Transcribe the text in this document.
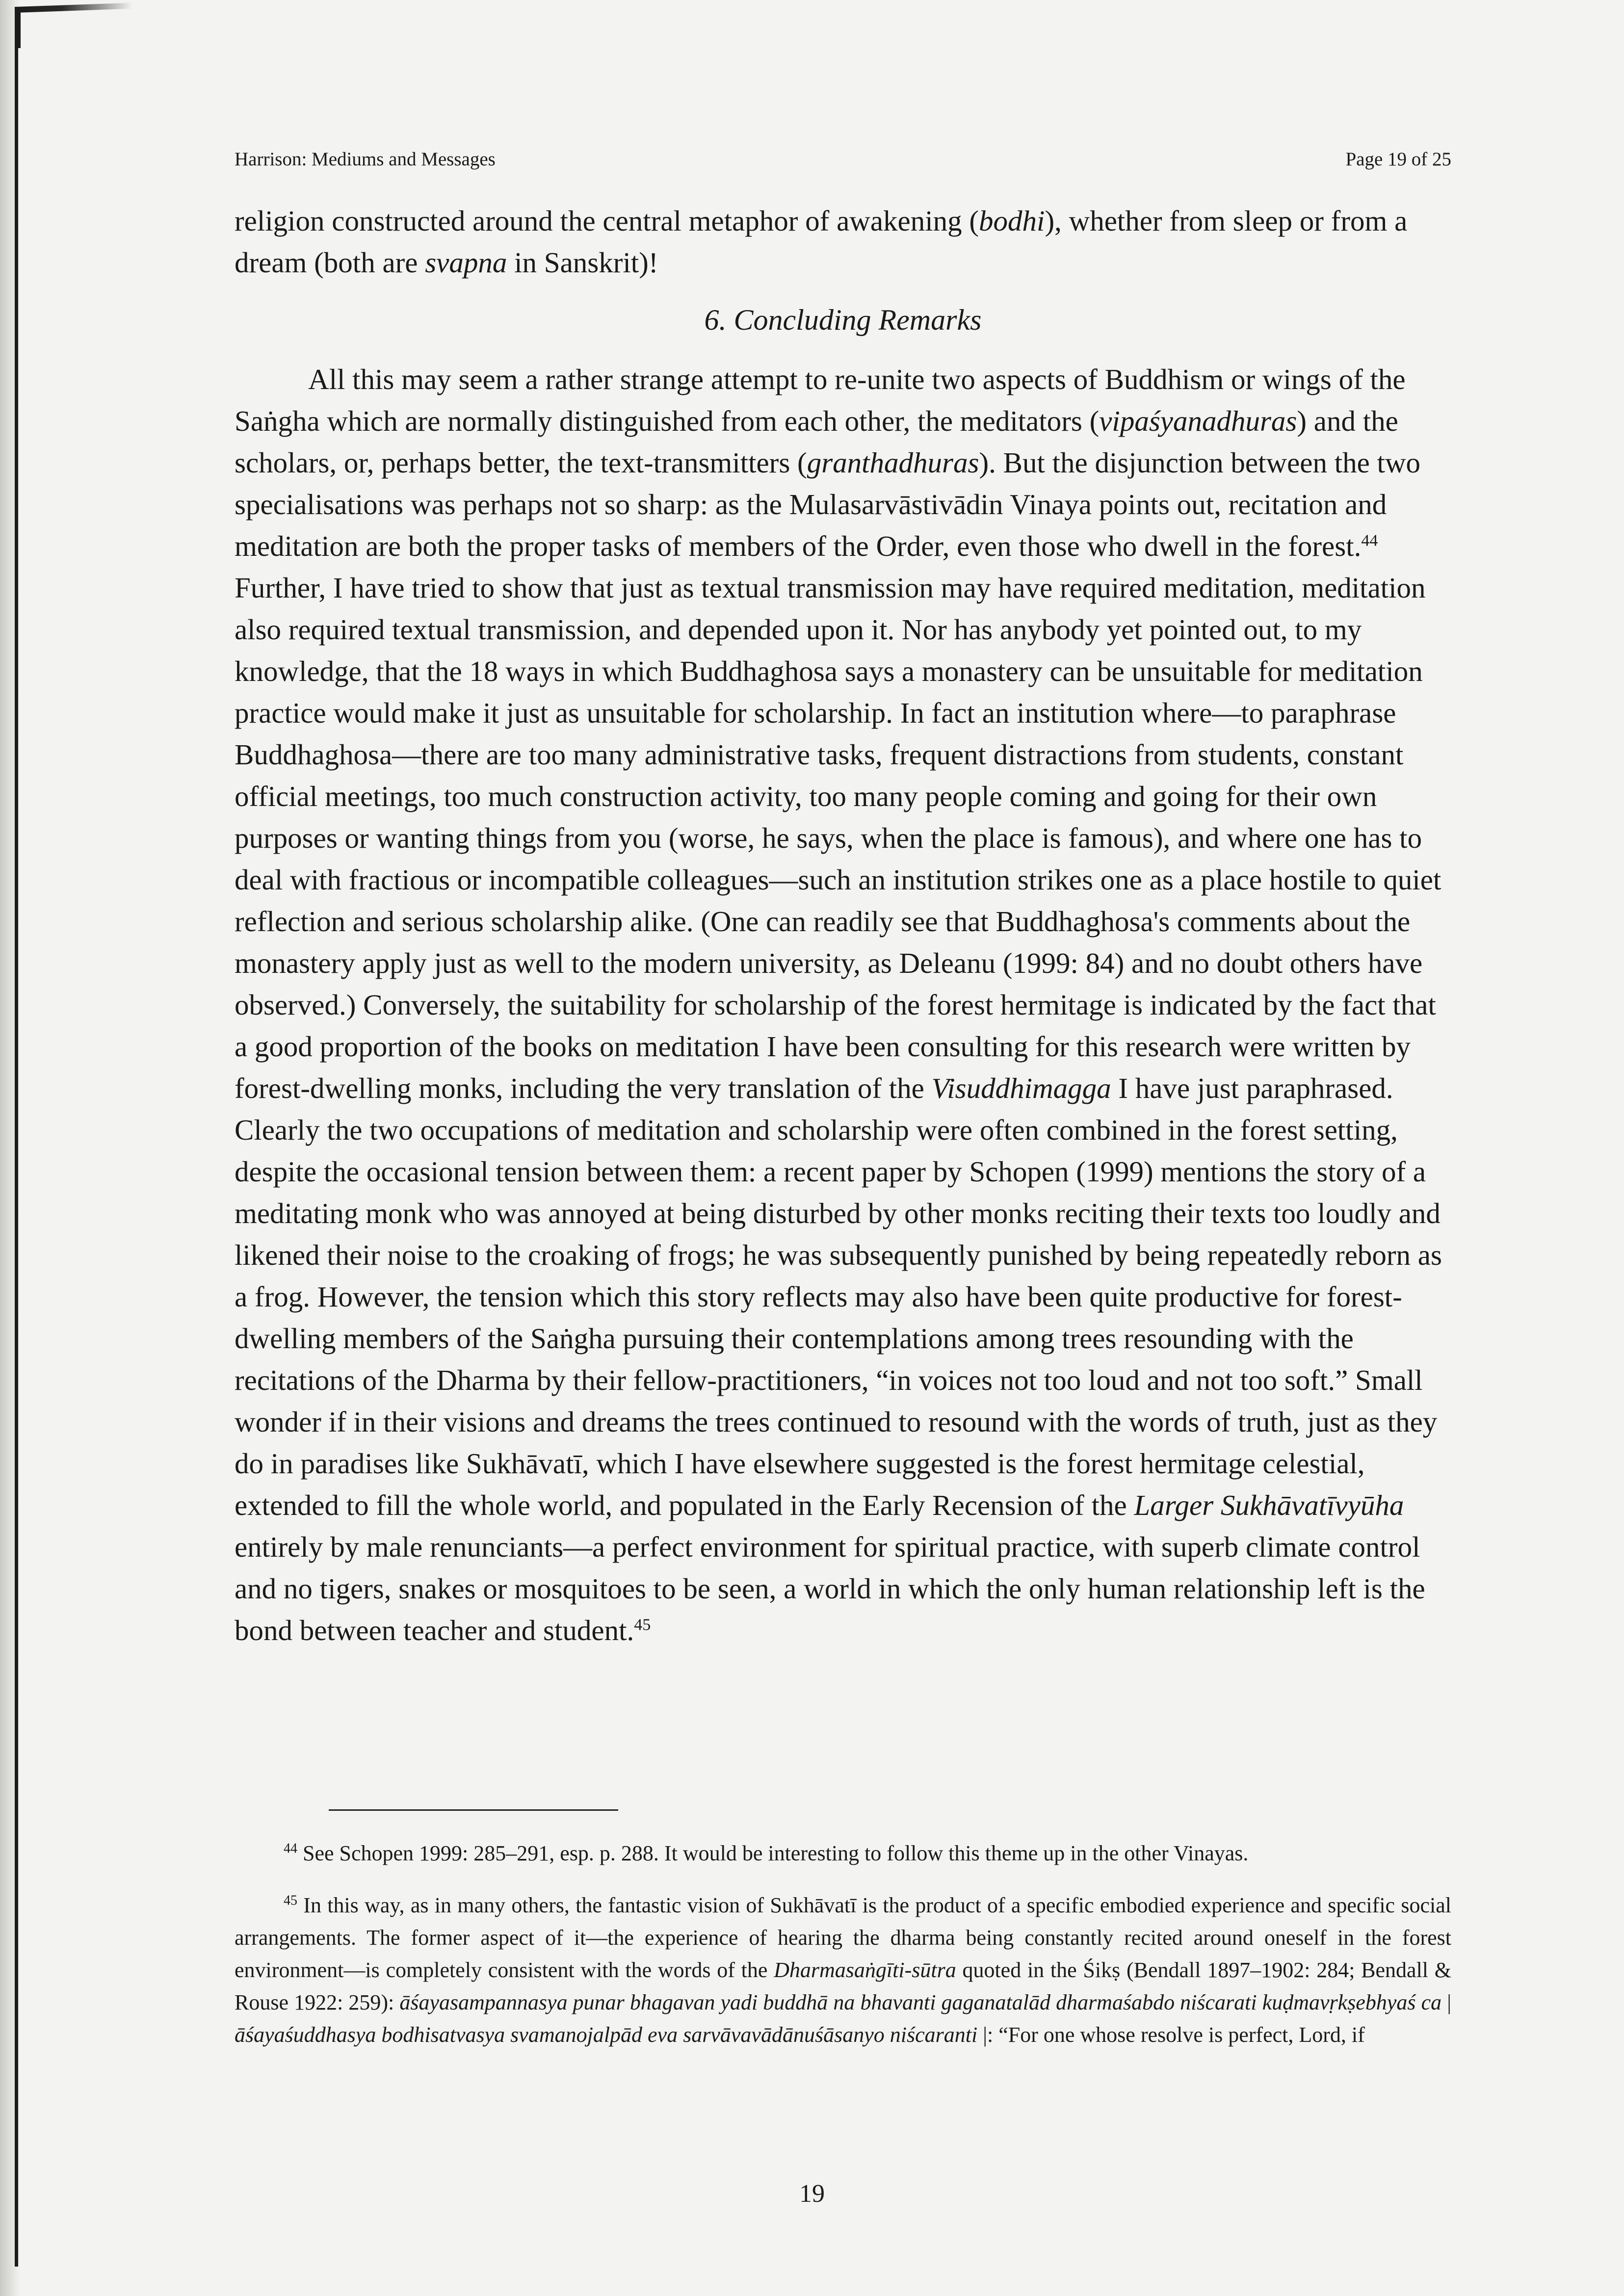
Harrison: Mediums and Messages	Page 19 of 25

religion constructed around the central metaphor of awakening (bodhi), whether from sleep or from a dream (both are svapna in Sanskrit)!

6. Concluding Remarks

All this may seem a rather strange attempt to re-unite two aspects of Buddhism or wings of the Saṅgha which are normally distinguished from each other, the meditators (vipaśyanadhuras) and the scholars, or, perhaps better, the text-transmitters (granthadhuras). But the disjunction between the two specialisations was perhaps not so sharp: as the Mulasarvāstivādin Vinaya points out, recitation and meditation are both the proper tasks of members of the Order, even those who dwell in the forest.$^{44}$ Further, I have tried to show that just as textual transmission may have required meditation, meditation also required textual transmission, and depended upon it. Nor has anybody yet pointed out, to my knowledge, that the 18 ways in which Buddhaghosa says a monastery can be unsuitable for meditation practice would make it just as unsuitable for scholarship. In fact an institution where—to paraphrase Buddhaghosa—there are too many administrative tasks, frequent distractions from students, constant official meetings, too much construction activity, too many people coming and going for their own purposes or wanting things from you (worse, he says, when the place is famous), and where one has to deal with fractious or incompatible colleagues—such an institution strikes one as a place hostile to quiet reflection and serious scholarship alike. (One can readily see that Buddhaghosa's comments about the monastery apply just as well to the modern university, as Deleanu (1999: 84) and no doubt others have observed.) Conversely, the suitability for scholarship of the forest hermitage is indicated by the fact that a good proportion of the books on meditation I have been consulting for this research were written by forest-dwelling monks, including the very translation of the Visuddhimagga I have just paraphrased. Clearly the two occupations of meditation and scholarship were often combined in the forest setting, despite the occasional tension between them: a recent paper by Schopen (1999) mentions the story of a meditating monk who was annoyed at being disturbed by other monks reciting their texts too loudly and likened their noise to the croaking of frogs; he was subsequently punished by being repeatedly reborn as a frog. However, the tension which this story reflects may also have been quite productive for forest-dwelling members of the Saṅgha pursuing their contemplations among trees resounding with the recitations of the Dharma by their fellow-practitioners, “in voices not too loud and not too soft.” Small wonder if in their visions and dreams the trees continued to resound with the words of truth, just as they do in paradises like Sukhāvatī, which I have elsewhere suggested is the forest hermitage celestial, extended to fill the whole world, and populated in the Early Recension of the Larger Sukhāvatīvyūha entirely by male renunciants—a perfect environment for spiritual practice, with superb climate control and no tigers, snakes or mosquitoes to be seen, a world in which the only human relationship left is the bond between teacher and student.$^{45}$

$^{44}$ See Schopen 1999: 285–291, esp. p. 288. It would be interesting to follow this theme up in the other Vinayas.

$^{45}$ In this way, as in many others, the fantastic vision of Sukhāvatī is the product of a specific embodied experience and specific social arrangements. The former aspect of it—the experience of hearing the dharma being constantly recited around oneself in the forest environment—is completely consistent with the words of the Dharmasaṅgīti-sūtra quoted in the Śikṣ (Bendall 1897–1902: 284; Bendall & Rouse 1922: 259): āśayasampannasya punar bhagavan yadi buddhā na bhavanti gaganatalād dharmaśabdo niścarati kuḍmavṛkṣebhyaś ca | āśayaśuddhasya bodhisatvasya svamanojalpād eva sarvāvavādānuśāsanyo niścaranti |: “For one whose resolve is perfect, Lord, if

19
